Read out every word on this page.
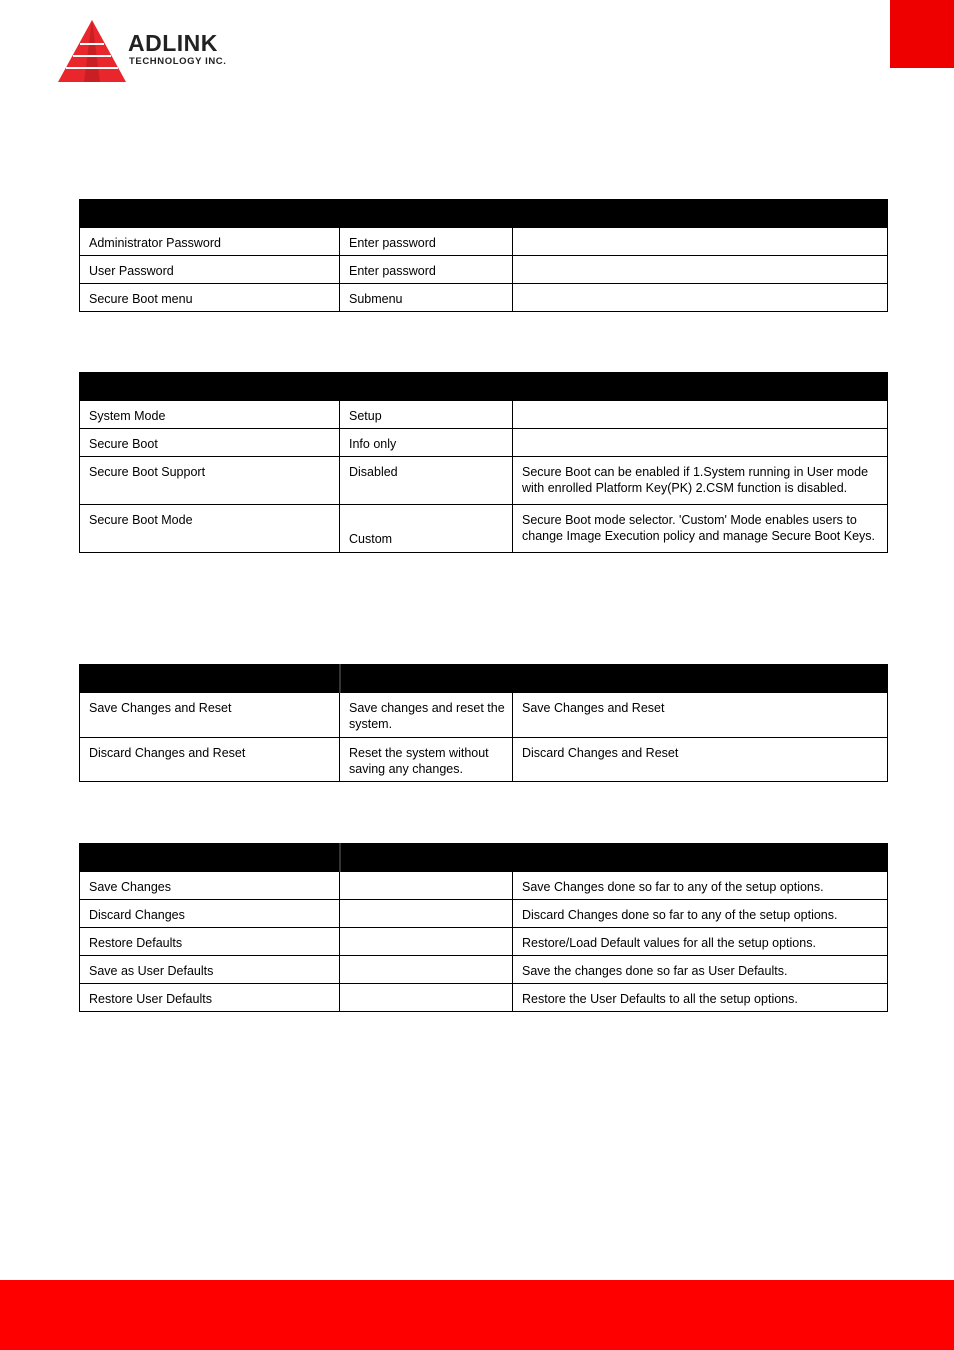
ADLINK
TECHNOLOGY INC.

Administrator Password	Enter password	
User Password	Enter password	
Secure Boot menu	Submenu	

System Mode	Setup	
Secure Boot	Info only	
Secure Boot Support	Disabled	Secure Boot can be enabled if 1.System running in User mode with enrolled Platform Key(PK) 2.CSM function is disabled.
Secure Boot Mode	Custom	Secure Boot mode selector. 'Custom' Mode enables users to change Image Execution policy and manage Secure Boot Keys.

Save Changes and Reset	Save changes and reset the system.	Save Changes and Reset
Discard Changes and Reset	Reset the system without saving any changes.	Discard Changes and Reset

Save Changes		Save Changes done so far to any of the setup options.
Discard Changes		Discard Changes done so far to any of the setup options.
Restore Defaults		Restore/Load Default values for all the setup options.
Save as User Defaults		Save the changes done so far as User Defaults.
Restore User Defaults		Restore the User Defaults to all the setup options.
